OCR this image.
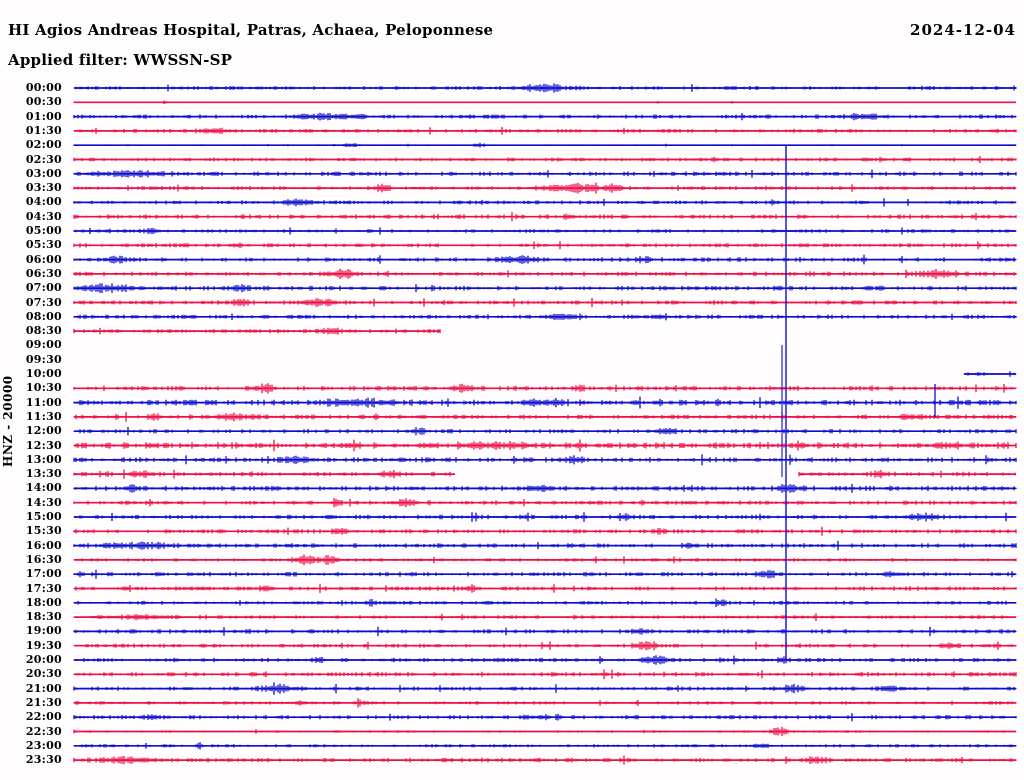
HI Agios Andreas Hospital, Patras, Achaea, Peloponnese	2024-12-04
Applied filter: WWSSN-SP
HNZ - 20000
00:00
00:30
01:00
01:30
02:00
02:30
03:00
03:30
04:00
04:30
05:00
05:30
06:00
06:30
07:00
07:30
08:00
08:30
09:00
09:30
10:00
10:30
11:00
11:30
12:00
12:30
13:00
13:30
14:00
14:30
15:00
15:30
16:00
16:30
17:00
17:30
18:00
18:30
19:00
19:30
20:00
20:30
21:00
21:30
22:00
22:30
23:00
23:30
